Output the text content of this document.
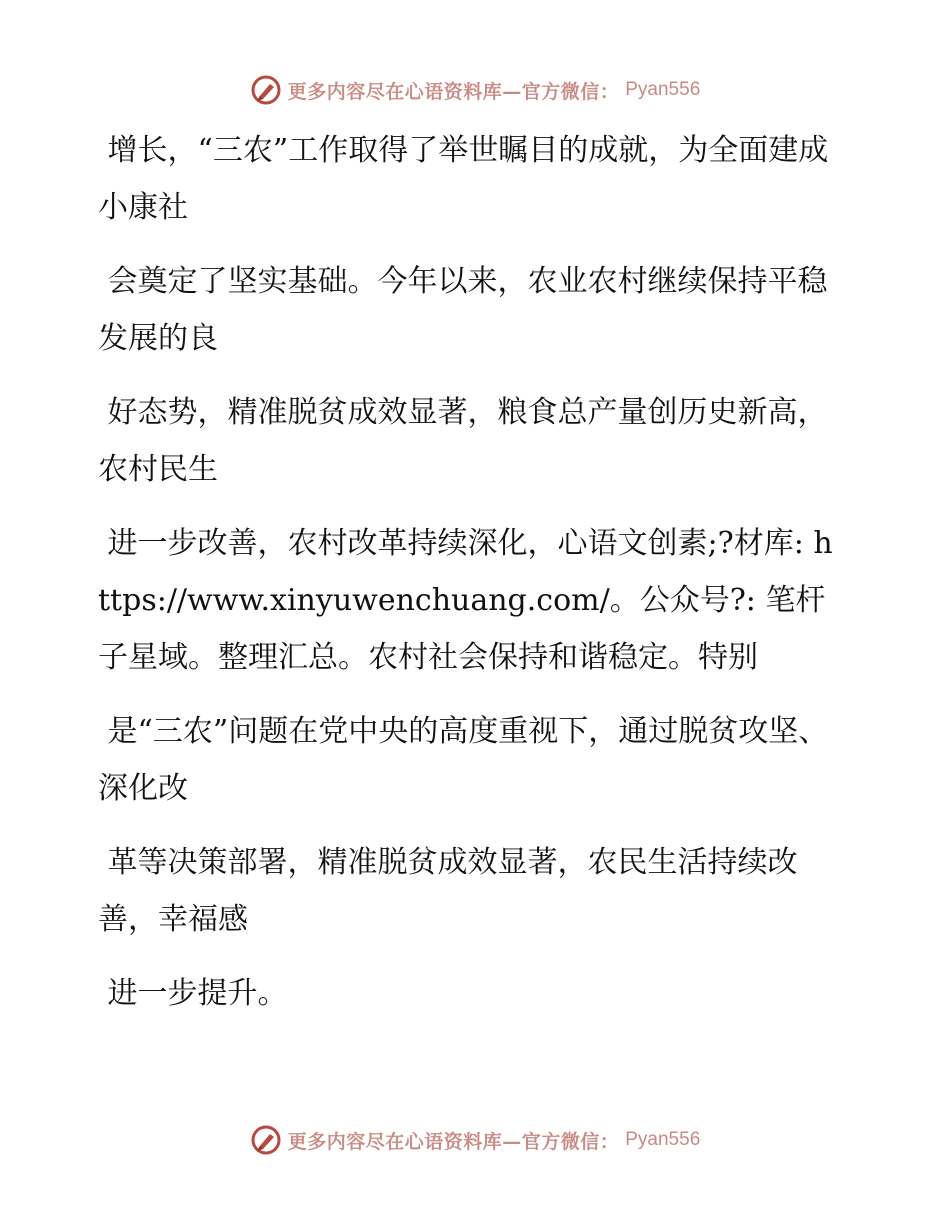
更多内容尽在心语资料库—官方微信： Pyan556

增长，“三农”工作取得了举世瞩目的成就，为全面建成小康社

会奠定了坚实基础。今年以来，农业农村继续保持平稳发展的良

好态势，精准脱贫成效显著，粮食总产量创历史新高，农村民生

进一步改善，农村改革持续深化，心语文创素;?材库: https://www.xinyuwenchuang.com/。公众号?: 笔杆子星域。整理汇总。农村社会保持和谐稳定。特别

是“三农”问题在党中央的高度重视下，通过脱贫攻坚、深化改

革等决策部署，精准脱贫成效显著，农民生活持续改善，幸福感

进一步提升。

更多内容尽在心语资料库—官方微信： Pyan556
